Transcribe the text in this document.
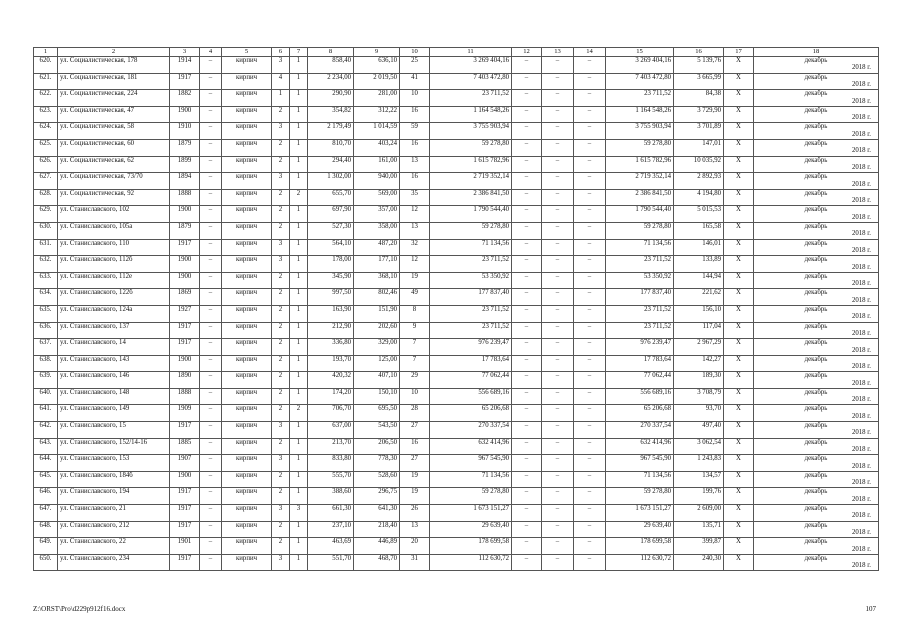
1	2	3	4	5	6	7	8	9	10	11	12	13	14	15	16	17	18
620.	ул. Социалистическая, 178	1914	–	кирпич	3	1	858,40	636,10	25	3 269 404,16	–	–	–	3 269 404,16	5 139,76	X	декабрь
2018 г.

621.	ул. Социалистическая, 181	1917	–	кирпич	4	1	2 234,00	2 019,50	41	7 403 472,80	–	–	–	7 403 472,80	3 665,99	X	декабрь
2018 г.

622.	ул. Социалистическая, 224	1882	–	кирпич	1	1	290,90	281,00	10	23 711,52	–	–	–	23 711,52	84,38	X	декабрь
2018 г.

623.	ул. Социалистическая, 47	1900	–	кирпич	2	1	354,82	312,22	16	1 164 548,26	–	–	–	1 164 548,26	3 729,90	X	декабрь
2018 г.

624.	ул. Социалистическая, 58	1910	–	кирпич	3	1	2 179,49	1 014,59	59	3 755 903,94	–	–	–	3 755 903,94	3 701,89	X	декабрь
2018 г.

625.	ул. Социалистическая, 60	1879	–	кирпич	2	1	810,70	403,24	16	59 278,80	–	–	–	59 278,80	147,01	X	декабрь
2018 г.

626.	ул. Социалистическая, 62	1899	–	кирпич	2	1	294,40	161,00	13	1 615 782,96	–	–	–	1 615 782,96	10 035,92	X	декабрь
2018 г.

627.	ул. Социалистическая, 73/70	1894	–	кирпич	3	1	1 302,00	940,00	16	2 719 352,14	–	–	–	2 719 352,14	2 892,93	X	декабрь
2018 г.

628.	ул. Социалистическая, 92	1888	–	кирпич	2	2	655,70	569,00	35	2 386 841,50	–	–	–	2 386 841,50	4 194,80	X	декабрь
2018 г.

629.	ул. Станиславского, 102	1900	–	кирпич	2	1	697,90	357,00	12	1 790 544,40	–	–	–	1 790 544,40	5 015,53	X	декабрь
2018 г.

630.	ул. Станиславского, 105а	1879	–	кирпич	2	1	527,30	358,00	13	59 278,80	–	–	–	59 278,80	165,58	X	декабрь
2018 г.

631.	ул. Станиславского, 110	1917	–	кирпич	3	1	564,10	487,20	32	71 134,56	–	–	–	71 134,56	146,01	X	декабрь
2018 г.

632.	ул. Станиславского, 112б	1900	–	кирпич	3	1	178,00	177,10	12	23 711,52	–	–	–	23 711,52	133,89	X	декабрь
2018 г.

633.	ул. Станиславского, 112е	1900	–	кирпич	2	1	345,90	368,10	19	53 350,92	–	–	–	53 350,92	144,94	X	декабрь
2018 г.

634.	ул. Станиславского, 122б	1869	–	кирпич	2	1	997,50	802,46	49	177 837,40	–	–	–	177 837,40	221,62	X	декабрь
2018 г.

635.	ул. Станиславского, 124а	1927	–	кирпич	2	1	163,90	151,90	8	23 711,52	–	–	–	23 711,52	156,10	X	декабрь
2018 г.

636.	ул. Станиславского, 137	1917	–	кирпич	2	1	212,90	202,60	9	23 711,52	–	–	–	23 711,52	117,04	X	декабрь
2018 г.

637.	ул. Станиславского, 14	1917	–	кирпич	2	1	336,80	329,00	7	976 239,47	–	–	–	976 239,47	2 967,29	X	декабрь
2018 г.

638.	ул. Станиславского, 143	1900	–	кирпич	2	1	193,70	125,00	7	17 783,64	–	–	–	17 783,64	142,27	X	декабрь
2018 г.

639.	ул. Станиславского, 146	1890	–	кирпич	2	1	420,32	407,10	29	77 062,44	–	–	–	77 062,44	189,30	X	декабрь
2018 г.

640.	ул. Станиславского, 148	1888	–	кирпич	2	1	174,20	150,10	10	556 689,16	–	–	–	556 689,16	3 708,79	X	декабрь
2018 г.

641.	ул. Станиславского, 149	1909	–	кирпич	2	2	706,70	695,50	28	65 206,68	–	–	–	65 206,68	93,70	X	декабрь
2018 г.

642.	ул. Станиславского, 15	1917	–	кирпич	3	1	637,00	543,50	27	270 337,54	–	–	–	270 337,54	497,40	X	декабрь
2018 г.

643.	ул. Станиславского, 152/14-16	1885	–	кирпич	2	1	213,70	206,50	16	632 414,96	–	–	–	632 414,96	3 062,54	X	декабрь
2018 г.

644.	ул. Станиславского, 153	1907	–	кирпич	3	1	833,80	778,30	27	967 545,90	–	–	–	967 545,90	1 243,83	X	декабрь
2018 г.

645.	ул. Станиславского, 184б	1900	–	кирпич	2	1	555,70	528,60	19	71 134,56	–	–	–	71 134,56	134,57	X	декабрь
2018 г.

646.	ул. Станиславского, 194	1917	–	кирпич	2	1	388,60	296,75	19	59 278,80	–	–	–	59 278,80	199,76	X	декабрь
2018 г.

647.	ул. Станиславского, 21	1917	–	кирпич	3	3	661,30	641,30	26	1 673 151,27	–	–	–	1 673 151,27	2 609,00	X	декабрь
2018 г.

648.	ул. Станиславского, 212	1917	–	кирпич	2	1	237,10	218,40	13	29 639,40	–	–	–	29 639,40	135,71	X	декабрь
2018 г.

649.	ул. Станиславского, 22	1901	–	кирпич	2	1	463,69	446,89	20	178 699,58	–	–	–	178 699,58	399,87	X	декабрь
2018 г.

650.	ул. Станиславского, 234	1917	–	кирпич	3	1	551,70	468,70	31	112 630,72	–	–	–	112 630,72	240,30	X	декабрь
2018 г.
Z:\ORST\Pro\d229p912f16.docx	107
